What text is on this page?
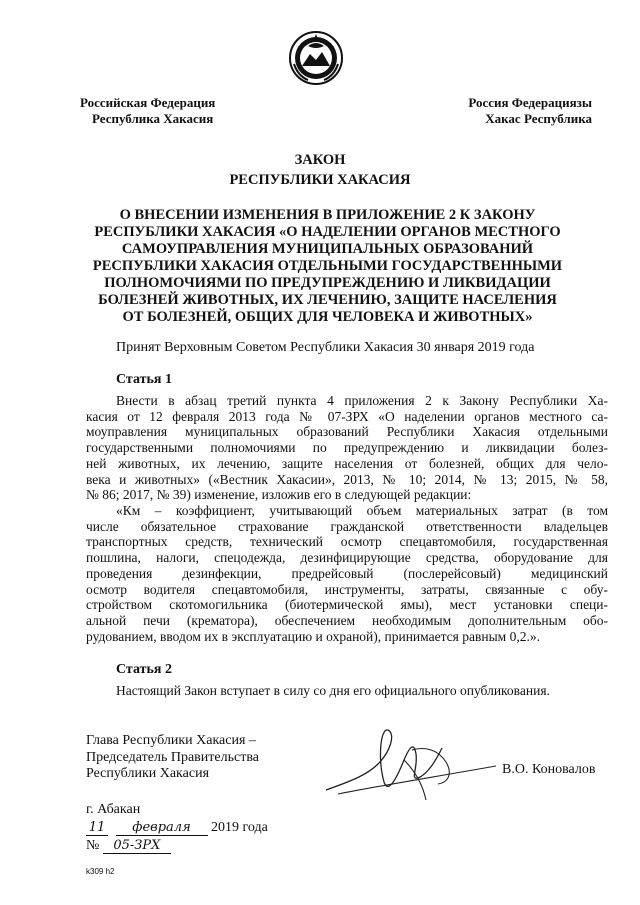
Российская Федерация
Республика Хакасия
Россия Федерациязы
Хакас Республика
ЗАКОН
РЕСПУБЛИКИ ХАКАСИЯ
О ВНЕСЕНИИ ИЗМЕНЕНИЯ В ПРИЛОЖЕНИЕ 2 К ЗАКОНУ
РЕСПУБЛИКИ ХАКАСИЯ «О НАДЕЛЕНИИ ОРГАНОВ МЕСТНОГО
САМОУПРАВЛЕНИЯ МУНИЦИПАЛЬНЫХ ОБРАЗОВАНИЙ
РЕСПУБЛИКИ ХАКАСИЯ ОТДЕЛЬНЫМИ ГОСУДАРСТВЕННЫМИ
ПОЛНОМОЧИЯМИ ПО ПРЕДУПРЕЖДЕНИЮ И ЛИКВИДАЦИИ
БОЛЕЗНЕЙ ЖИВОТНЫХ, ИХ ЛЕЧЕНИЮ, ЗАЩИТЕ НАСЕЛЕНИЯ
ОТ БОЛЕЗНЕЙ, ОБЩИХ ДЛЯ ЧЕЛОВЕКА И ЖИВОТНЫХ»
Принят Верховным Советом Республики Хакасия 30 января 2019 года
Статья 1
Внести в абзац третий пункта 4 приложения 2 к Закону Республики Ха-
касия от 12 февраля 2013 года № 07-ЗРХ «О наделении органов местного са-
моуправления муниципальных образований Республики Хакасия отдельными
государственными полномочиями по предупреждению и ликвидации болез-
ней животных, их лечению, защите населения от болезней, общих для чело-
века и животных» («Вестник Хакасии», 2013, № 10; 2014, № 13; 2015, № 58,
№ 86; 2017, № 39) изменение, изложив его в следующей редакции:
«Км – коэффициент, учитывающий объем материальных затрат (в том
числе обязательное страхование гражданской ответственности владельцев
транспортных средств, технический осмотр спецавтомобиля, государственная
пошлина, налоги, спецодежда, дезинфицирующие средства, оборудование для
проведения дезинфекции, предрейсовый (послерейсовый) медицинский
осмотр водителя спецавтомобиля, инструменты, затраты, связанные с обу-
стройством скотомогильника (биотермической ямы), мест установки специ-
альной печи (крематора), обеспечением необходимым дополнительным обо-
рудованием, вводом их в эксплуатацию и охраной), принимается равным 0,2.».
Статья 2
Настоящий Закон вступает в силу со дня его официального опубликования.
Глава Республики Хакасия –
Председатель Правительства
Республики Хакасия	В.О. Коновалов
г. Абакан
11 февраля 2019 года
№ 05-ЗРХ
k309 h2
